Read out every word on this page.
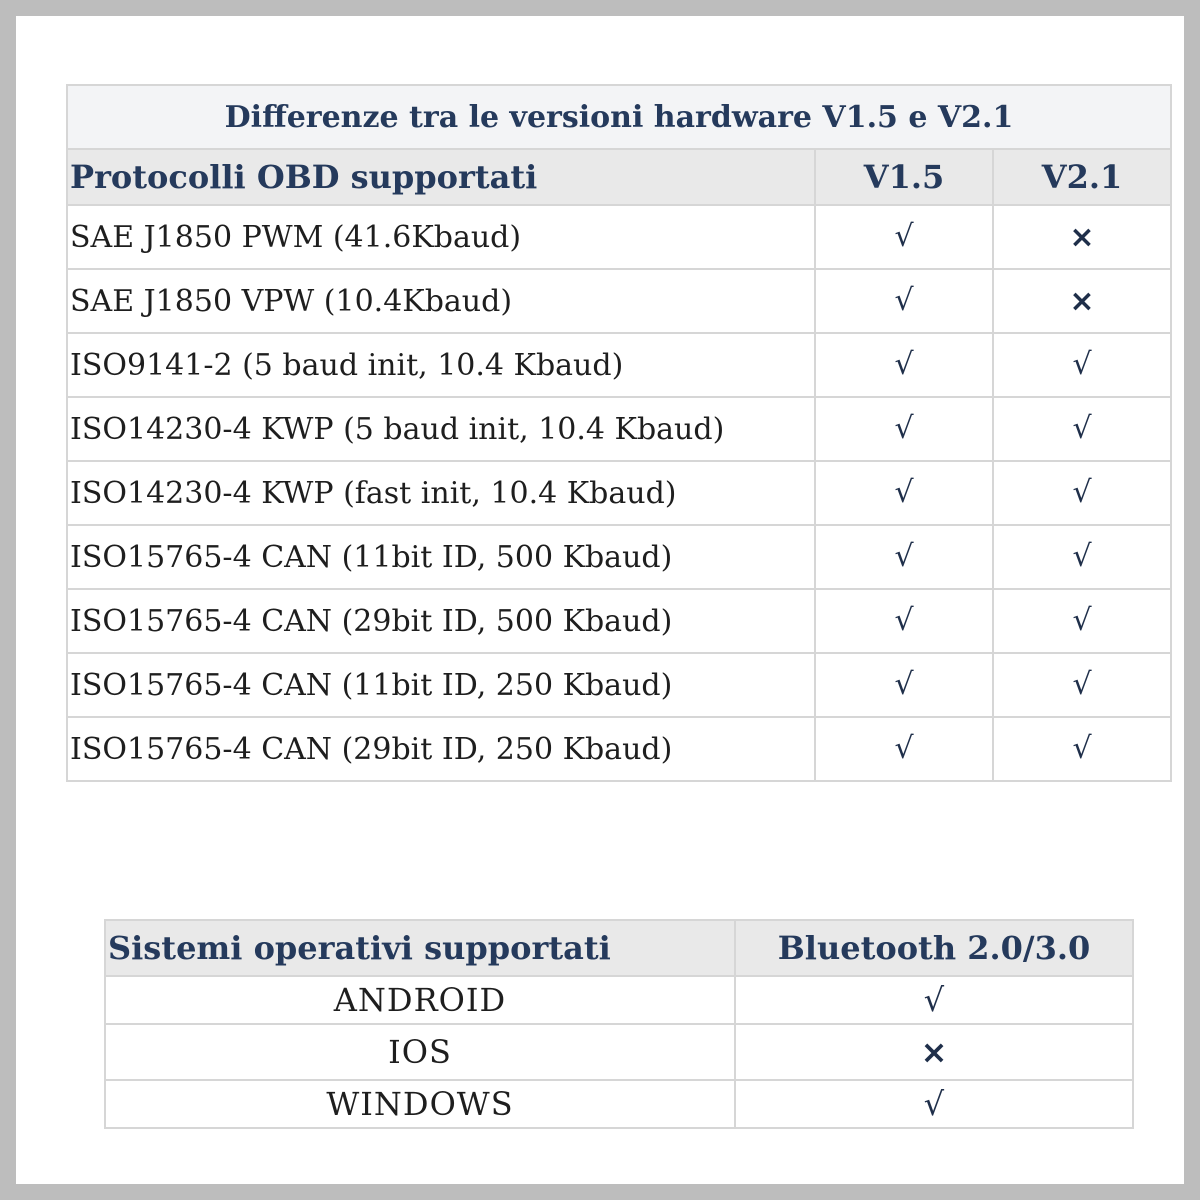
Differenze tra le versioni hardware V1.5 e V2.1		
Protocolli OBD supportati	V1.5	V2.1
SAE J1850 PWM (41.6Kbaud)	√	×
SAE J1850 VPW (10.4Kbaud)	√	×
ISO9141-2 (5 baud init, 10.4 Kbaud)	√	√
ISO14230-4 KWP (5 baud init, 10.4 Kbaud)	√	√
ISO14230-4 KWP (fast init, 10.4 Kbaud)	√	√
ISO15765-4 CAN (11bit ID, 500 Kbaud)	√	√
ISO15765-4 CAN (29bit ID, 500 Kbaud)	√	√
ISO15765-4 CAN (11bit ID, 250 Kbaud)	√	√
ISO15765-4 CAN (29bit ID, 250 Kbaud)	√	√
Sistemi operativi supportati	Bluetooth 2.0/3.0
ANDROID	√
IOS	×
WINDOWS	√
